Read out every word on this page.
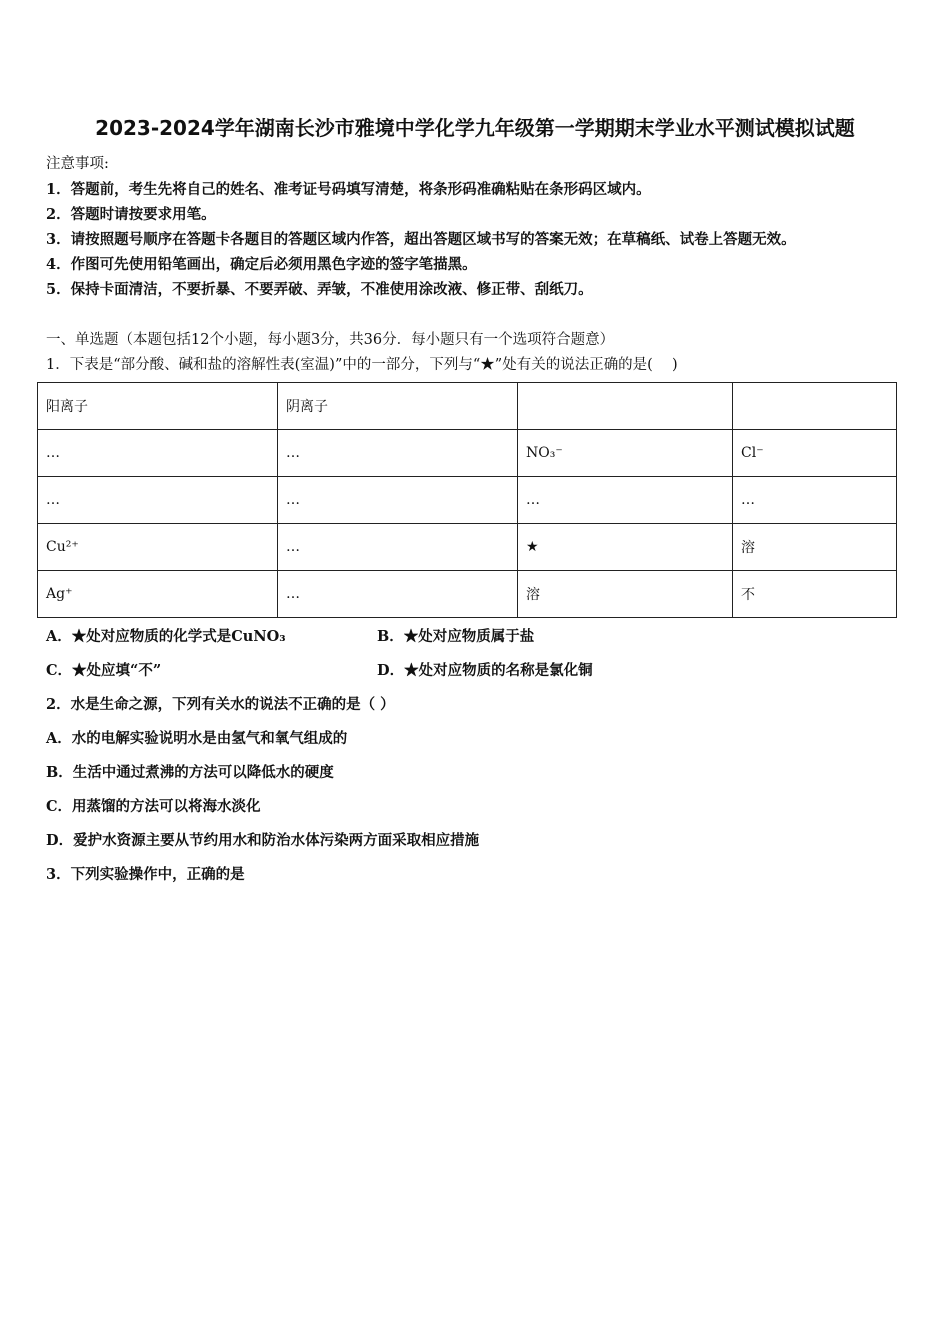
2023-2024学年湖南长沙市雅境中学化学九年级第一学期期末学业水平测试模拟试题
注意事项:
1．答题前，考生先将自己的姓名、准考证号码填写清楚，将条形码准确粘贴在条形码区域内。
2．答题时请按要求用笔。
3．请按照题号顺序在答题卡各题目的答题区域内作答，超出答题区域书写的答案无效；在草稿纸、试卷上答题无效。
4．作图可先使用铅笔画出，确定后必须用黑色字迹的签字笔描黑。
5．保持卡面清洁，不要折暴、不要弄破、弄皱，不准使用涂改液、修正带、刮纸刀。
一、单选题（本题包括12个小题，每小题3分，共36分．每小题只有一个选项符合题意）
1．下表是“部分酸、碱和盐的溶解性表(室温)”中的一部分，下列与“★”处有关的说法正确的是(　 )
阳离子	阴离子		
…	…	NO₃⁻	Cl⁻
…	…	…	…
Cu²⁺	…	★	溶
Ag⁺	…	溶	不
A．★处对应物质的化学式是CuNO₃	B．★处对应物质属于盐
C．★处应填“不”	D．★处对应物质的名称是氯化铜
2．水是生命之源，下列有关水的说法不正确的是（ ）
A．水的电解实验说明水是由氢气和氧气组成的
B．生活中通过煮沸的方法可以降低水的硬度
C．用蒸馏的方法可以将海水淡化
D．爱护水资源主要从节约用水和防治水体污染两方面采取相应措施
3．下列实验操作中，正确的是
